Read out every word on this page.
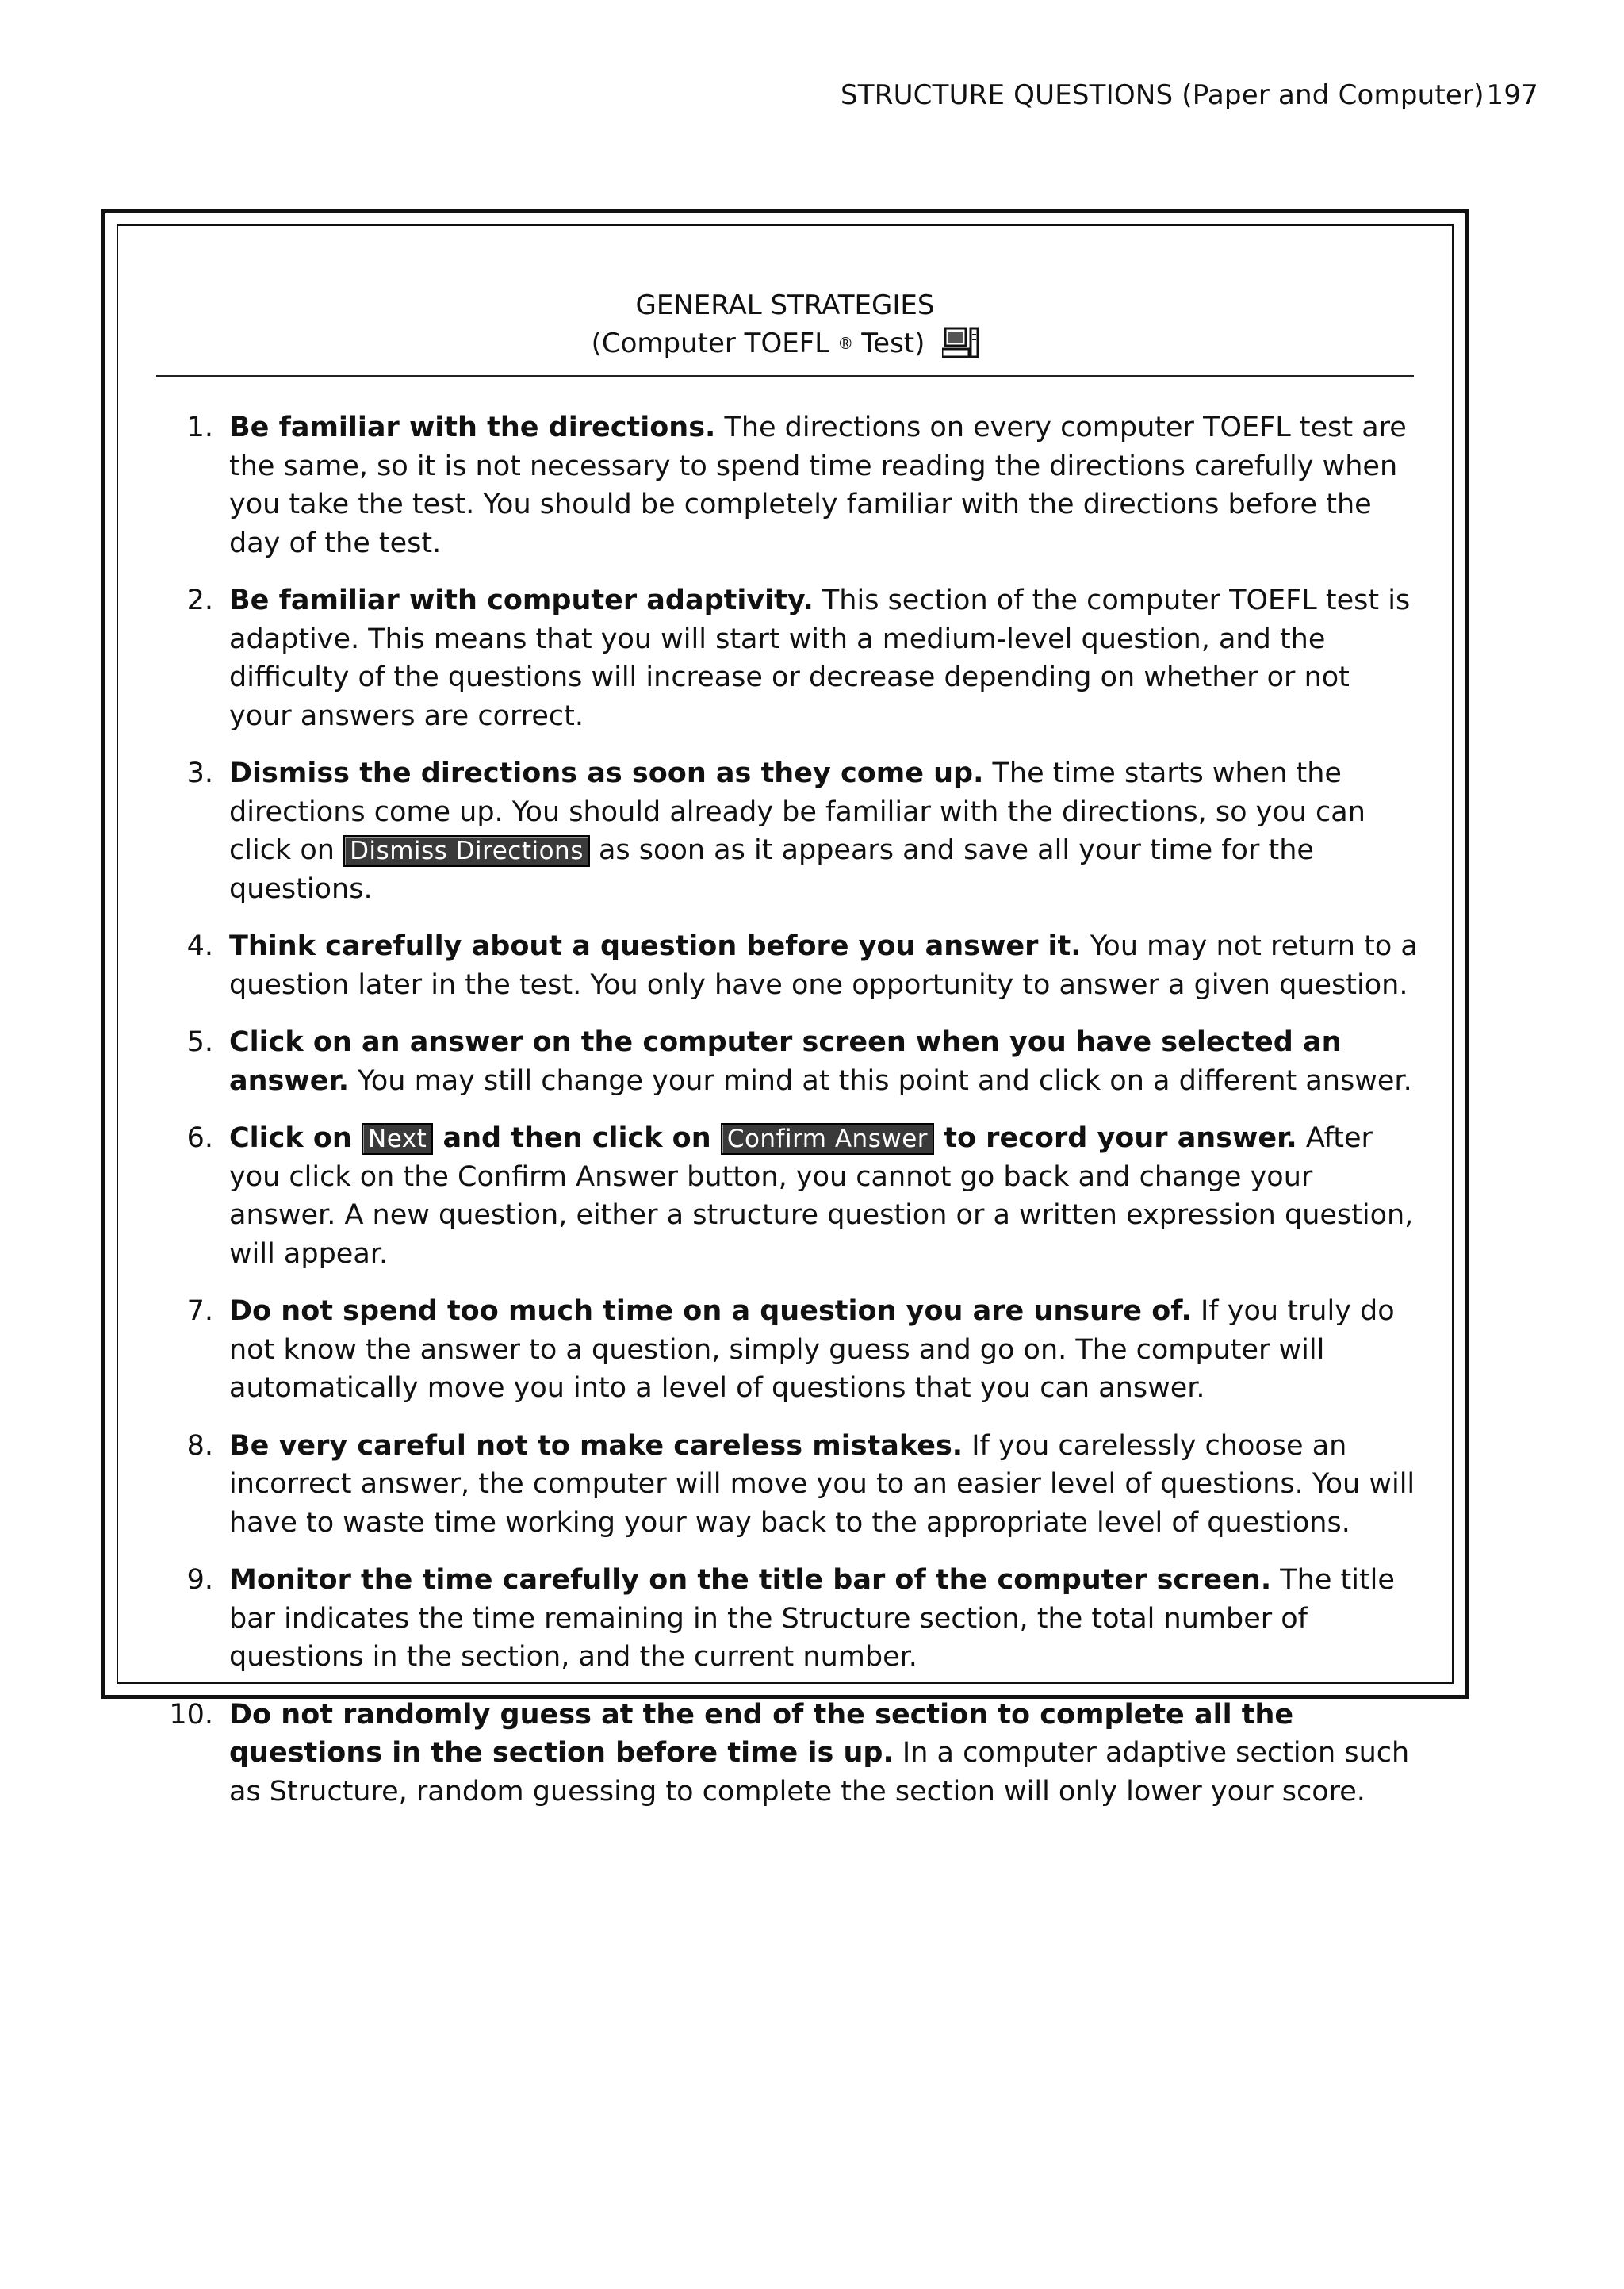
STRUCTURE QUESTIONS (Paper and Computer) 197
GENERAL STRATEGIES
(Computer TOEFL ® Test)
1. Be familiar with the directions. The directions on every computer TOEFL test are the same, so it is not necessary to spend time reading the directions carefully when you take the test. You should be completely familiar with the directions before the day of the test.
2. Be familiar with computer adaptivity. This section of the computer TOEFL test is adaptive. This means that you will start with a medium-level question, and the difficulty of the questions will increase or decrease depending on whether or not your answers are correct.
3. Dismiss the directions as soon as they come up. The time starts when the directions come up. You should already be familiar with the directions, so you can click on Dismiss Directions as soon as it appears and save all your time for the questions.
4. Think carefully about a question before you answer it. You may not return to a question later in the test. You only have one opportunity to answer a given question.
5. Click on an answer on the computer screen when you have selected an answer. You may still change your mind at this point and click on a different answer.
6. Click on Next and then click on Confirm Answer to record your answer. After you click on the Confirm Answer button, you cannot go back and change your answer. A new question, either a structure question or a written expression question, will appear.
7. Do not spend too much time on a question you are unsure of. If you truly do not know the answer to a question, simply guess and go on. The computer will automatically move you into a level of questions that you can answer.
8. Be very careful not to make careless mistakes. If you carelessly choose an incorrect answer, the computer will move you to an easier level of questions. You will have to waste time working your way back to the appropriate level of questions.
9. Monitor the time carefully on the title bar of the computer screen. The title bar indicates the time remaining in the Structure section, the total number of questions in the section, and the current number.
10. Do not randomly guess at the end of the section to complete all the questions in the section before time is up. In a computer adaptive section such as Structure, random guessing to complete the section will only lower your score.
